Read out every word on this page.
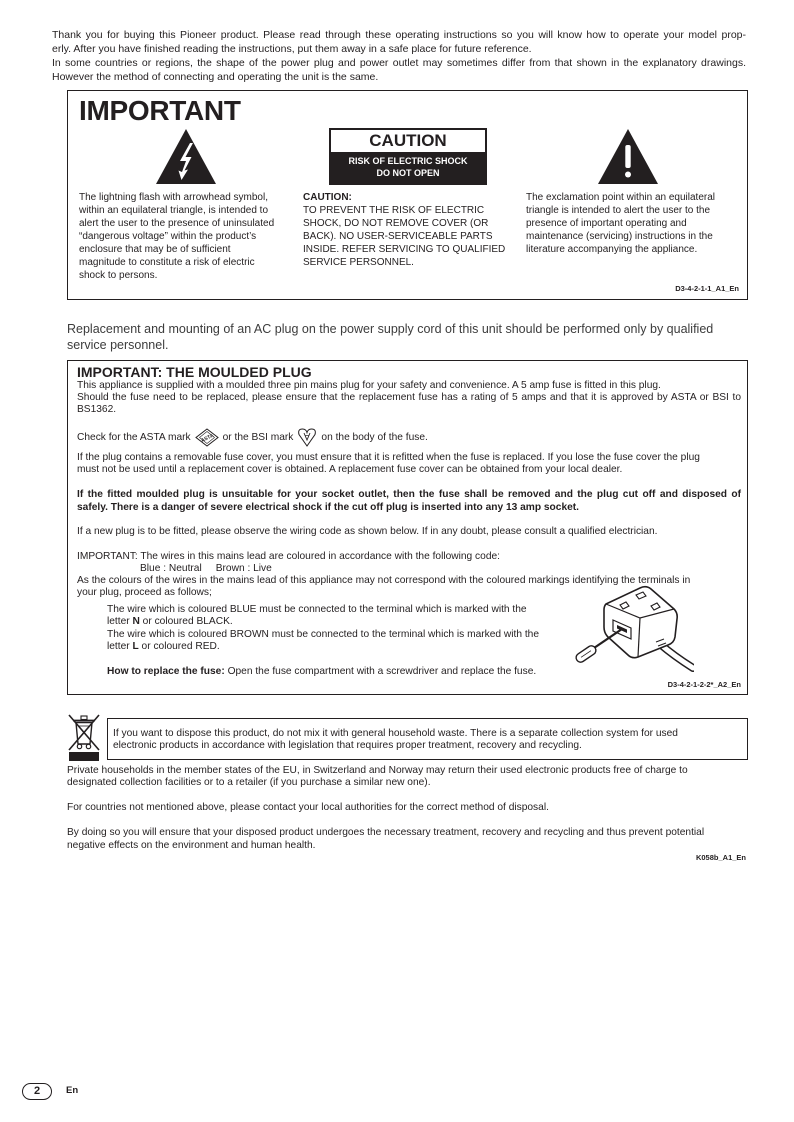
Thank you for buying this Pioneer product. Please read through these operating instructions so you will know how to operate your model prop-
erly. After you have finished reading the instructions, put them away in a safe place for future reference.
In some countries or regions, the shape of the power plug and power outlet may sometimes differ from that shown in the explanatory drawings.
However the method of connecting and operating the unit is the same.
IMPORTANT
CAUTION
RISK OF ELECTRIC SHOCK
DO NOT OPEN
The lightning flash with arrowhead symbol,
within an equilateral triangle, is intended to
alert the user to the presence of uninsulated
“dangerous voltage” within the product’s
enclosure that may be of sufficient
magnitude to constitute a risk of electric
shock to persons.
CAUTION:
TO PREVENT THE RISK OF ELECTRIC
SHOCK, DO NOT REMOVE COVER (OR
BACK). NO USER-SERVICEABLE PARTS
INSIDE. REFER SERVICING TO QUALIFIED
SERVICE PERSONNEL.
The exclamation point within an equilateral
triangle is intended to alert the user to the
presence of important operating and
maintenance (servicing) instructions in the
literature accompanying the appliance.
D3-4-2-1-1_A1_En
Replacement and mounting of an AC plug on the power supply cord of this unit should be performed only by qualified
service personnel.
IMPORTANT: THE MOULDED PLUG
This appliance is supplied with a moulded three pin mains plug for your safety and convenience. A 5 amp fuse is fitted in this plug.
Should the fuse need to be replaced, please ensure that the replacement fuse has a rating of 5 amps and that it is approved by ASTA or BSI to
BS1362.
Check for the ASTA mark ASTA or the BSI mark	on the body of the fuse.
If the plug contains a removable fuse cover, you must ensure that it is refitted when the fuse is replaced. If you lose the fuse cover the plug
must not be used until a replacement cover is obtained. A replacement fuse cover can be obtained from your local dealer.
If the fitted moulded plug is unsuitable for your socket outlet, then the fuse shall be removed and the plug cut off and disposed of
safely. There is a danger of severe electrical shock if the cut off plug is inserted into any 13 amp socket.
If a new plug is to be fitted, please observe the wiring code as shown below. If in any doubt, please consult a qualified electrician.
IMPORTANT: The wires in this mains lead are coloured in accordance with the following code:
Blue : Neutral Brown : Live
As the colours of the wires in the mains lead of this appliance may not correspond with the coloured markings identifying the terminals in
your plug, proceed as follows;
The wire which is coloured BLUE must be connected to the terminal which is marked with the
letter N or coloured BLACK.
The wire which is coloured BROWN must be connected to the terminal which is marked with the
letter L or coloured RED.
How to replace the fuse: Open the fuse compartment with a screwdriver and replace the fuse.
D3-4-2-1-2-2*_A2_En
If you want to dispose this product, do not mix it with general household waste. There is a separate collection system for used
electronic products in accordance with legislation that requires proper treatment, recovery and recycling.
Private households in the member states of the EU, in Switzerland and Norway may return their used electronic products free of charge to
designated collection facilities or to a retailer (if you purchase a similar new one).
For countries not mentioned above, please contact your local authorities for the correct method of disposal.
By doing so you will ensure that your disposed product undergoes the necessary treatment, recovery and recycling and thus prevent potential
negative effects on the environment and human health.
K058b_A1_En
2	En
